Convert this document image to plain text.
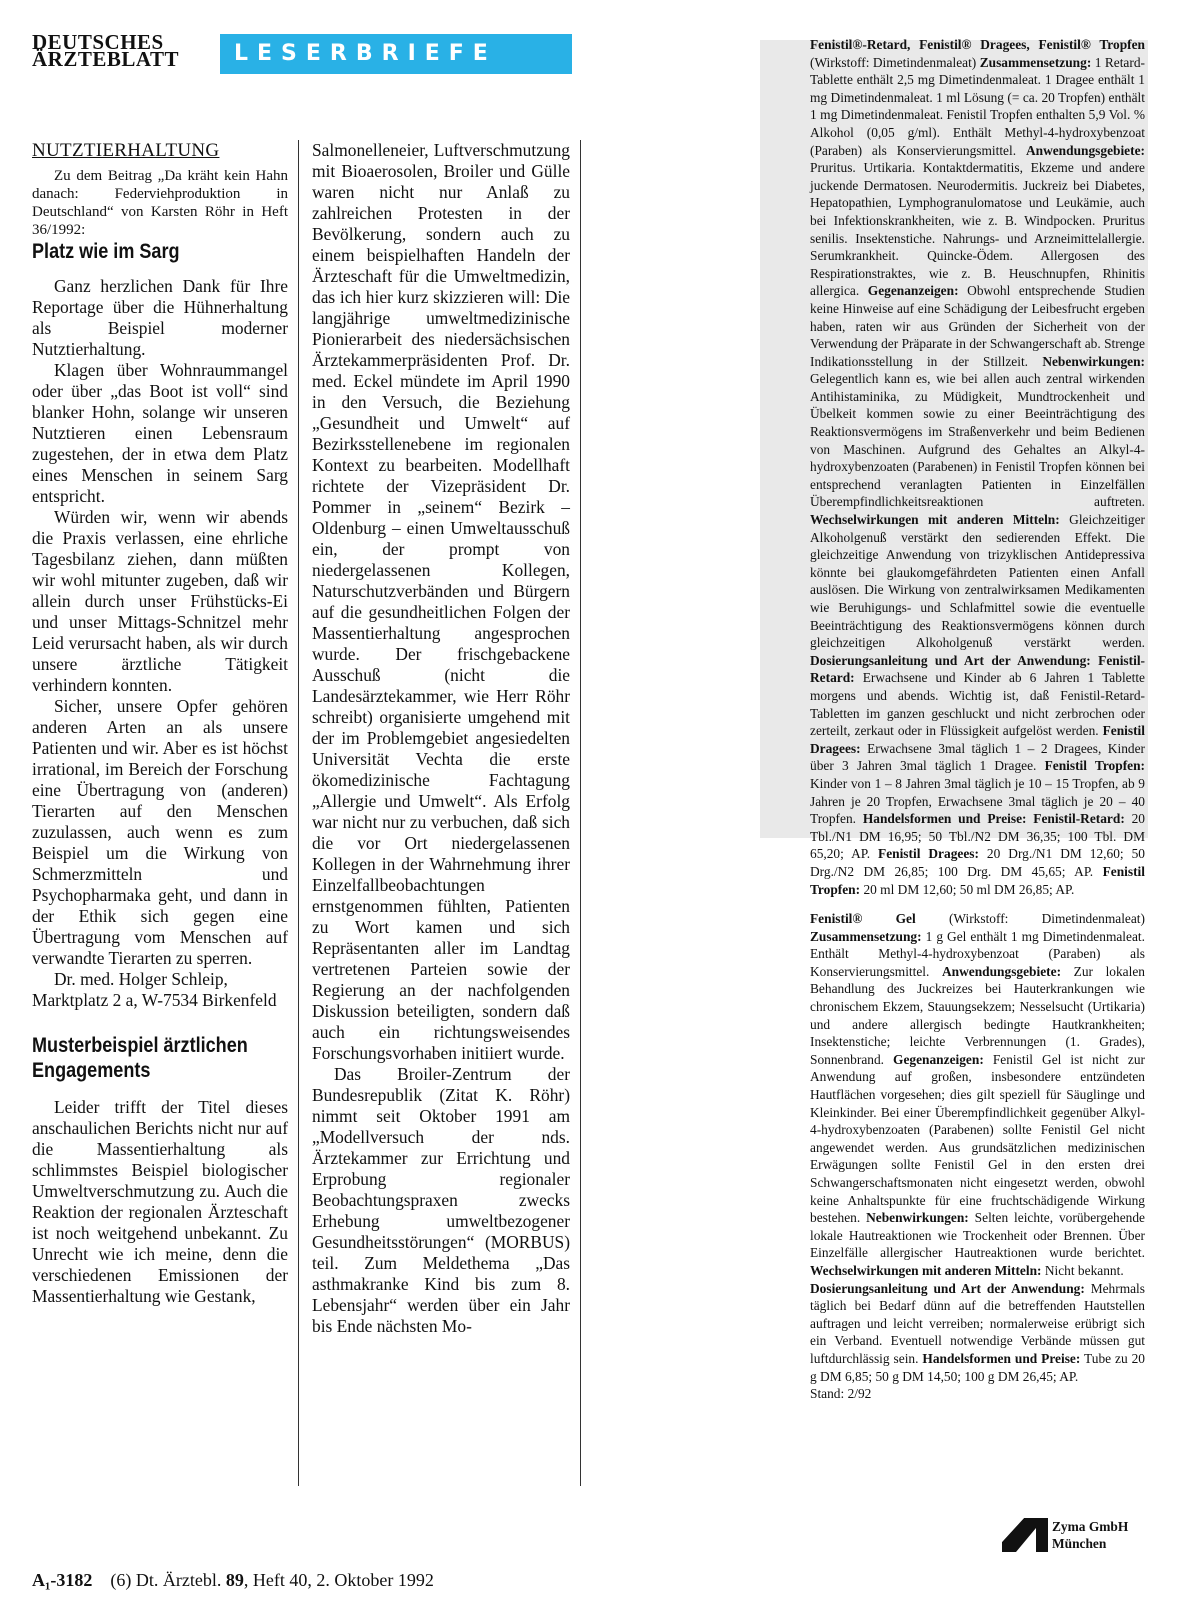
DEUTSCHES
ÄRZTEBLATT	LESERBRIEFE
NUTZTIERHALTUNG

Zu dem Beitrag „Da kräht kein Hahn danach: Federviehproduktion in Deutschland“ von Karsten Röhr in Heft 36/1992:

Platz wie im Sarg

Ganz herzlichen Dank für Ihre Reportage über die Hühnerhaltung als Beispiel moderner Nutztierhaltung.

Klagen über Wohnraummangel oder über „das Boot ist voll“ sind blanker Hohn, solange wir unseren Nutztieren einen Lebensraum zugestehen, der in etwa dem Platz eines Menschen in seinem Sarg entspricht.

Würden wir, wenn wir abends die Praxis verlassen, eine ehrliche Tagesbilanz ziehen, dann müßten wir wohl mitunter zugeben, daß wir allein durch unser Frühstücks-Ei und unser Mittags-Schnitzel mehr Leid verursacht haben, als wir durch unsere ärztliche Tätigkeit verhindern konnten.

Sicher, unsere Opfer gehören anderen Arten an als unsere Patienten und wir. Aber es ist höchst irrational, im Bereich der Forschung eine Übertragung von (anderen) Tierarten auf den Menschen zuzulassen, auch wenn es zum Beispiel um die Wirkung von Schmerzmitteln und Psychopharmaka geht, und dann in der Ethik sich gegen eine Übertragung vom Menschen auf verwandte Tierarten zu sperren.

Dr. med. Holger Schleip, Marktplatz 2 a, W-7534 Birkenfeld

Musterbeispiel ärztlichen
Engagements

Leider trifft der Titel dieses anschaulichen Berichts nicht nur auf die Massentierhaltung als schlimmstes Beispiel biologischer Umweltverschmutzung zu. Auch die Reaktion der regionalen Ärzteschaft ist noch weitgehend unbekannt. Zu Unrecht wie ich meine, denn die verschiedenen Emissionen der Massentierhaltung wie Gestank,

Salmonelleneier, Luftverschmutzung mit Bioaerosolen, Broiler und Gülle waren nicht nur Anlaß zu zahlreichen Protesten in der Bevölkerung, sondern auch zu einem beispielhaften Handeln der Ärzteschaft für die Umweltmedizin, das ich hier kurz skizzieren will: Die langjährige umweltmedizinische Pionierarbeit des niedersächsischen Ärztekammerpräsidenten Prof. Dr. med. Eckel mündete im April 1990 in den Versuch, die Beziehung „Gesundheit und Umwelt“ auf Bezirksstellenebene im regionalen Kontext zu bearbeiten. Modellhaft richtete der Vizepräsident Dr. Pommer in „seinem“ Bezirk – Oldenburg – einen Umweltausschuß ein, der prompt von niedergelassenen Kollegen, Naturschutzverbänden und Bürgern auf die gesundheitlichen Folgen der Massentierhaltung angesprochen wurde. Der frischgebackene Ausschuß (nicht die Landesärztekammer, wie Herr Röhr schreibt) organisierte umgehend mit der im Problemgebiet angesiedelten Universität Vechta die erste ökomedizinische Fachtagung „Allergie und Umwelt“. Als Erfolg war nicht nur zu verbuchen, daß sich die vor Ort niedergelassenen Kollegen in der Wahrnehmung ihrer Einzelfallbeobachtungen ernstgenommen fühlten, Patienten zu Wort kamen und sich Repräsentanten aller im Landtag vertretenen Parteien sowie der Regierung an der nachfolgenden Diskussion beteiligten, sondern daß auch ein richtungsweisendes Forschungsvorhaben initiiert wurde.

Das Broiler-Zentrum der Bundesrepublik (Zitat K. Röhr) nimmt seit Oktober 1991 am „Modellversuch der nds. Ärztekammer zur Errichtung und Erprobung regionaler Beobachtungspraxen zwecks Erhebung umweltbezogener Gesundheitsstörungen“ (MORBUS) teil. Zum Meldethema „Das asthmakranke Kind bis zum 8. Lebensjahr“ werden über ein Jahr bis Ende nächsten Mo-

Fenistil®-Retard, Fenistil® Dragees, Fenistil® Tropfen (Wirkstoff: Dimetindenmaleat) Zusammensetzung: 1 Retard-Tablette enthält 2,5 mg Dimetindenmaleat. 1 Dragee enthält 1 mg Dimetindenmaleat. 1 ml Lösung (= ca. 20 Tropfen) enthält 1 mg Dimetindenmaleat. Fenistil Tropfen enthalten 5,9 Vol. % Alkohol (0,05 g/ml). Enthält Methyl-4-hydroxybenzoat (Paraben) als Konservierungsmittel. Anwendungsgebiete: Pruritus. Urtikaria. Kontaktdermatitis, Ekzeme und andere juckende Dermatosen. Neurodermitis. Juckreiz bei Diabetes, Hepatopathien, Lymphogranulomatose und Leukämie, auch bei Infektionskrankheiten, wie z. B. Windpocken. Pruritus senilis. Insektenstiche. Nahrungs- und Arzneimittelallergie. Serumkrankheit. Quincke-Ödem. Allergosen des Respirationstraktes, wie z. B. Heuschnupfen, Rhinitis allergica. Gegenanzeigen: Obwohl entsprechende Studien keine Hinweise auf eine Schädigung der Leibesfrucht ergeben haben, raten wir aus Gründen der Sicherheit von der Verwendung der Präparate in der Schwangerschaft ab. Strenge Indikationsstellung in der Stillzeit. Nebenwirkungen: Gelegentlich kann es, wie bei allen auch zentral wirkenden Antihistaminika, zu Müdigkeit, Mundtrockenheit und Übelkeit kommen sowie zu einer Beeinträchtigung des Reaktionsvermögens im Straßenverkehr und beim Bedienen von Maschinen. Aufgrund des Gehaltes an Alkyl-4-hydroxybenzoaten (Parabenen) in Fenistil Tropfen können bei entsprechend veranlagten Patienten in Einzelfällen Überempfindlichkeitsreaktionen auftreten. Wechselwirkungen mit anderen Mitteln: Gleichzeitiger Alkoholgenuß verstärkt den sedierenden Effekt. Die gleichzeitige Anwendung von trizyklischen Antidepressiva könnte bei glaukomgefährdeten Patienten einen Anfall auslösen. Die Wirkung von zentralwirksamen Medikamenten wie Beruhigungs- und Schlafmittel sowie die eventuelle Beeinträchtigung des Reaktionsvermögens können durch gleichzeitigen Alkoholgenuß verstärkt werden. Dosierungsanleitung und Art der Anwendung: Fenistil-Retard: Erwachsene und Kinder ab 6 Jahren 1 Tablette morgens und abends. Wichtig ist, daß Fenistil-Retard-Tabletten im ganzen geschluckt und nicht zerbrochen oder zerteilt, zerkaut oder in Flüssigkeit aufgelöst werden. Fenistil Dragees: Erwachsene 3mal täglich 1 – 2 Dragees, Kinder über 3 Jahren 3mal täglich 1 Dragee. Fenistil Tropfen: Kinder von 1 – 8 Jahren 3mal täglich je 10 – 15 Tropfen, ab 9 Jahren je 20 Tropfen, Erwachsene 3mal täglich je 20 – 40 Tropfen. Handelsformen und Preise: Fenistil-Retard: 20 Tbl./N1 DM 16,95; 50 Tbl./N2 DM 36,35; 100 Tbl. DM 65,20; AP. Fenistil Dragees: 20 Drg./N1 DM 12,60; 50 Drg./N2 DM 26,85; 100 Drg. DM 45,65; AP. Fenistil Tropfen: 20 ml DM 12,60; 50 ml DM 26,85; AP.

Fenistil® Gel (Wirkstoff: Dimetindenmaleat) Zusammensetzung: 1 g Gel enthält 1 mg Dimetindenmaleat. Enthält Methyl-4-hydroxybenzoat (Paraben) als Konservierungsmittel. Anwendungsgebiete: Zur lokalen Behandlung des Juckreizes bei Hauterkrankungen wie chronischem Ekzem, Stauungsekzem; Nesselsucht (Urtikaria) und andere allergisch bedingte Hautkrankheiten; Insektenstiche; leichte Verbrennungen (1. Grades), Sonnenbrand. Gegenanzeigen: Fenistil Gel ist nicht zur Anwendung auf großen, insbesondere entzündeten Hautflächen vorgesehen; dies gilt speziell für Säuglinge und Kleinkinder. Bei einer Überempfindlichkeit gegenüber Alkyl-4-hydroxybenzoaten (Parabenen) sollte Fenistil Gel nicht angewendet werden. Aus grundsätzlichen medizinischen Erwägungen sollte Fenistil Gel in den ersten drei Schwangerschaftsmonaten nicht eingesetzt werden, obwohl keine Anhaltspunkte für eine fruchtschädigende Wirkung bestehen. Nebenwirkungen: Selten leichte, vorübergehende lokale Hautreaktionen wie Trockenheit oder Brennen. Über Einzelfälle allergischer Hautreaktionen wurde berichtet. Wechselwirkungen mit anderen Mitteln: Nicht bekannt.
Dosierungsanleitung und Art der Anwendung: Mehrmals täglich bei Bedarf dünn auf die betreffenden Hautstellen auftragen und leicht verreiben; normalerweise erübrigt sich ein Verband. Eventuell notwendige Verbände müssen gut luftdurchlässig sein. Handelsformen und Preise: Tube zu 20 g DM 6,85; 50 g DM 14,50; 100 g DM 26,45; AP.

Stand: 2/92

Zyma GmbH
München
A₁-3182 (6) Dt. Ärztebl. 89, Heft 40, 2. Oktober 1992
